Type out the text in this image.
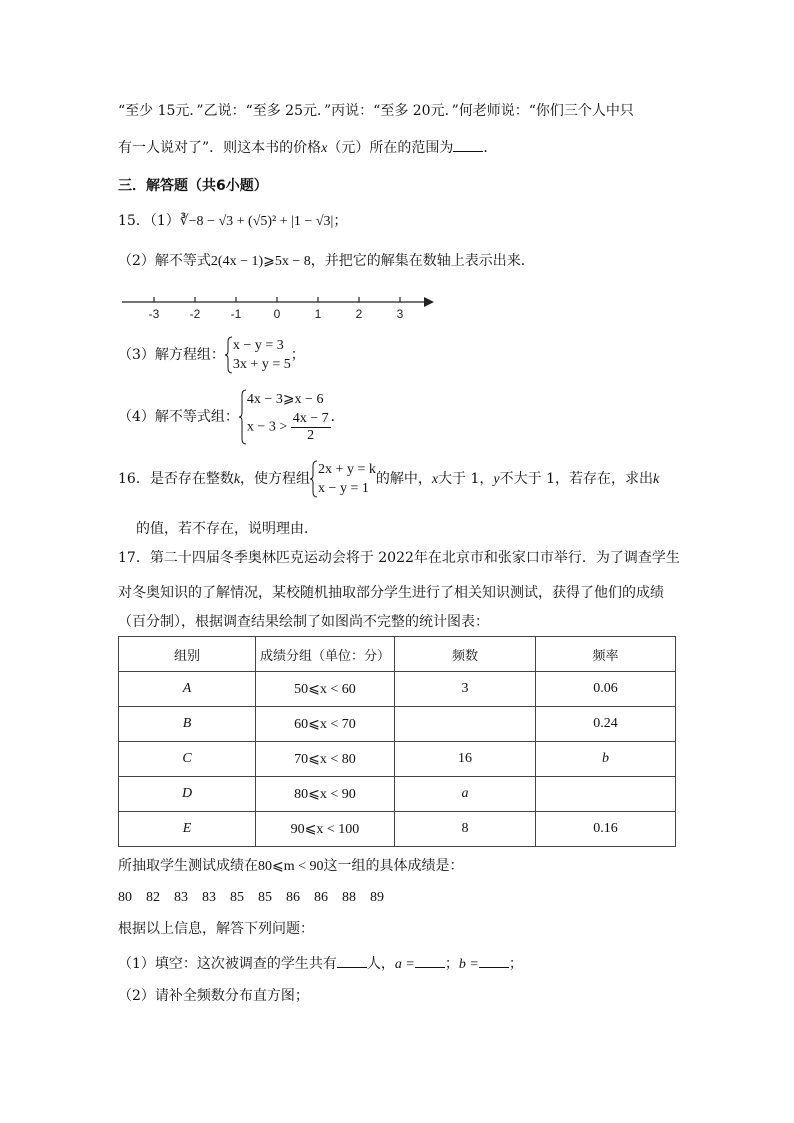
“至少 15元．”乙说：“至多 25元．”丙说：“至多 20元．”何老师说：“你们三个人中只
有一人说对了”．则这本书的价格x（元）所在的范围为 ．
三．解答题（共6小题）
15．（1）∛−8 − √3 + (√5)² + |1 − √3|；
（2）解不等式2(4x − 1)⩾5x − 8，并把它的解集在数轴上表示出来．
-3	-2	-1	0	1	2	3
（3）解方程组：
x − y = 3
3x + y = 5
；
（4）解不等式组：
4x − 3⩾x − 6
$x - 3 > \frac{4x - 7}{2}$ ．
16．是否存在整数k，使方程组
2x + y = k
x − y = 1
的解中，x大于 1，y不大于 1，若存在，求出k
的值，若不存在，说明理由．
17．第二十四届冬季奥林匹克运动会将于 2022年在北京市和张家口市举行．为了调查学生
对冬奥知识的了解情况，某校随机抽取部分学生进行了相关知识测试，获得了他们的成绩
（百分制），根据调查结果绘制了如图尚不完整的统计图表：
组别	成绩分组（单位：分）	频数	频率
A	50⩽x < 60	3	0.06
B	60⩽x < 70		0.24
C	70⩽x < 80	16	b
D	80⩽x < 90	a	
E	90⩽x < 100	8	0.16
所抽取学生测试成绩在80⩽m < 90这一组的具体成绩是：
80　82　83　83　85　85　86　86　88　89
根据以上信息，解答下列问题：
（1）填空：这次被调查的学生共有 人，a = ；b = ；
（2）请补全频数分布直方图；
